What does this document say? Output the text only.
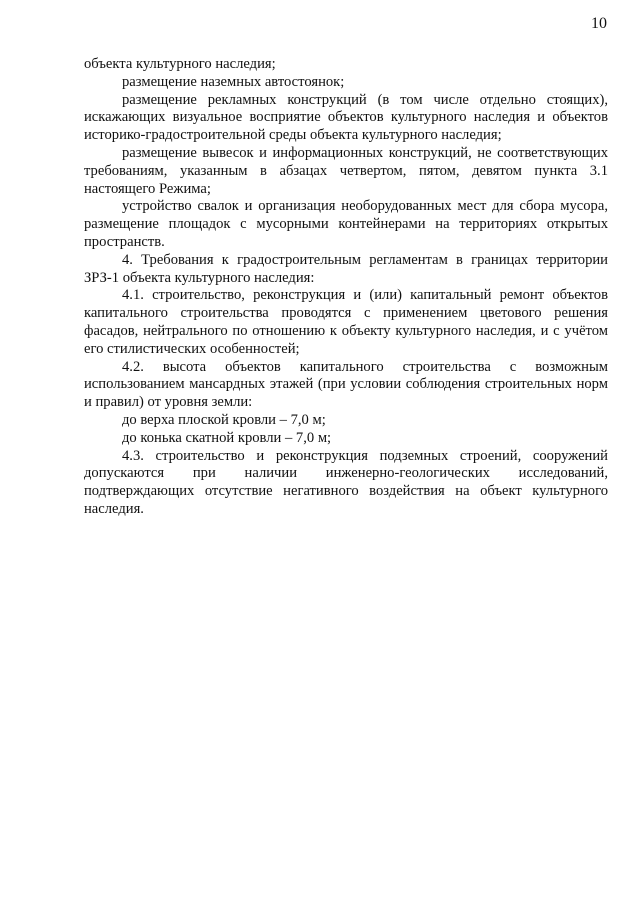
10

объекта культурного наследия;

размещение наземных автостоянок;

размещение рекламных конструкций (в том числе отдельно стоящих), искажающих визуальное восприятие объектов культурного наследия и объектов историко-градостроительной среды объекта культурного наследия;

размещение вывесок и информационных конструкций, не соответствующих требованиям, указанным в абзацах четвертом, пятом, девятом пункта 3.1 настоящего Режима;

устройство свалок и организация необорудованных мест для сбора мусора, размещение площадок с мусорными контейнерами на территориях открытых пространств.

4. Требования к градостроительным регламентам в границах территории ЗРЗ-1 объекта культурного наследия:

4.1. строительство, реконструкция и (или) капитальный ремонт объектов капитального строительства проводятся с применением цветового решения фасадов, нейтрального по отношению к объекту культурного наследия, и с учётом его стилистических особенностей;

4.2. высота объектов капитального строительства с возможным использованием мансардных этажей (при условии соблюдения строительных норм и правил) от уровня земли:

до верха плоской кровли – 7,0 м;

до конька скатной кровли – 7,0 м;

4.3. строительство и реконструкция подземных строений, сооружений допускаются при наличии инженерно-геологических исследований, подтверждающих отсутствие негативного воздействия на объект культурного наследия.
